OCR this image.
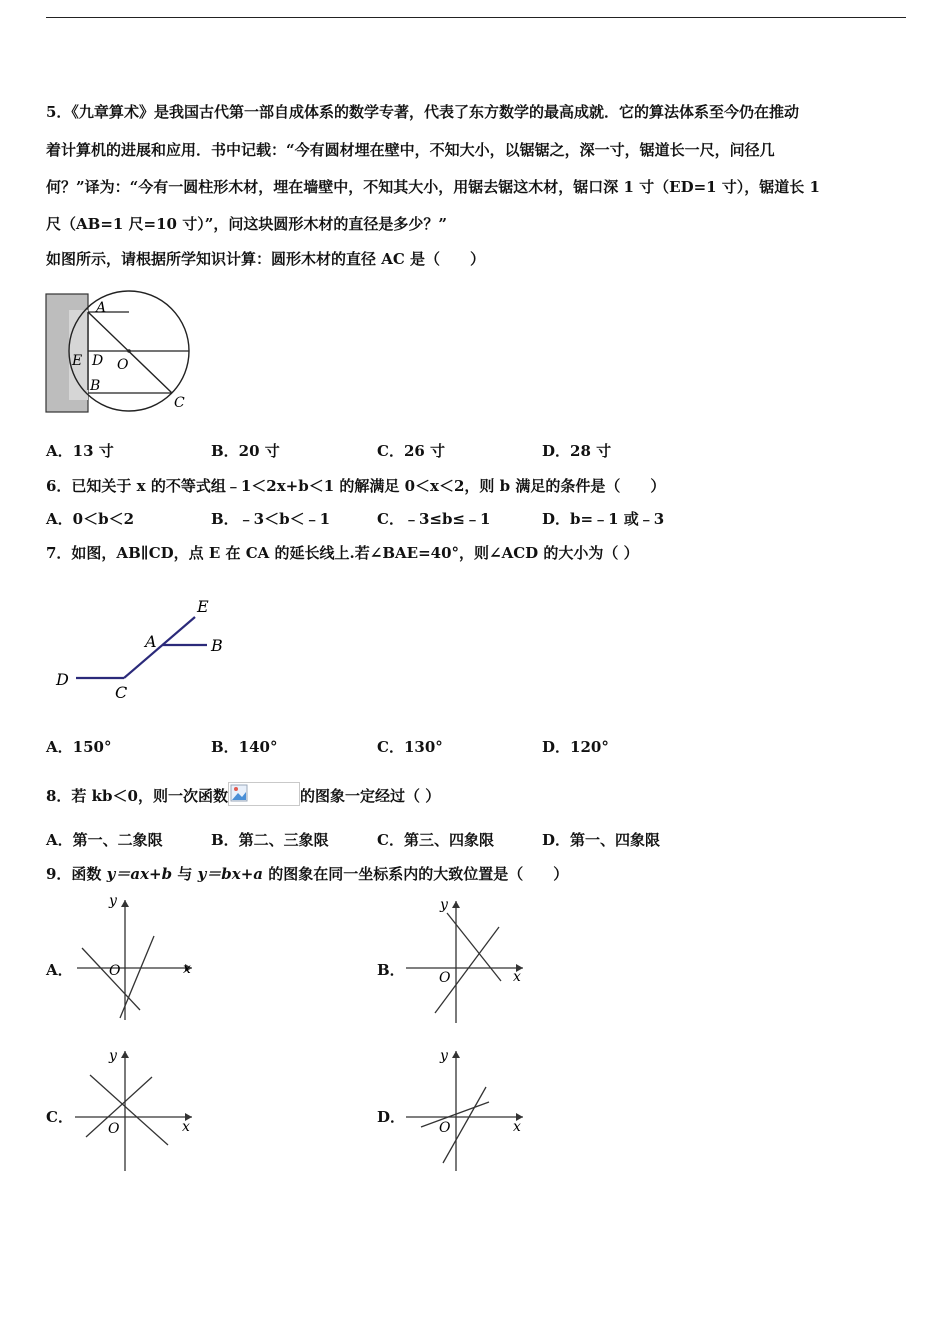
5．《九章算术》是我国古代第一部自成体系的数学专著，代表了东方数学的最高成就．它的算法体系至今仍在推动
着计算机的进展和应用．书中记载：“今有圆材埋在壁中，不知大小，以锯锯之，深一寸，锯道长一尺，问径几
何？”译为：“今有一圆柱形木材，埋在墙壁中，不知其大小，用锯去锯这木材，锯口深 1 寸（ED=1 寸），锯道长 1
尺（AB=1 尺=10 寸）”，问这块圆形木材的直径是多少？”
如图所示，请根据所学知识计算：圆形木材的直径 AC 是（　　）
A
E D O
B
C
A．13 寸	B．20 寸	C．26 寸	D．28 寸
6．已知关于 x 的不等式组﹣1＜2x+b＜1 的解满足 0＜x＜2，则 b 满足的条件是（　　）
A．0＜b＜2	B．﹣3＜b＜﹣1	C．﹣3≤b≤﹣1	D．b=﹣1 或﹣3
7．如图，AB∥CD，点 E 在 CA 的延长线上.若∠BAE=40°，则∠ACD 的大小为（ ）
E
A	B
D
C
A．150°	B．140°	C．130°	D．120°
8．若 kb＜0，则一次函数	的图象一定经过（ ）
A．第一、二象限	B．第二、三象限	C．第三、四象限	D．第一、四象限
9．函数 y＝ax+b 与 y＝bx+a 的图象在同一坐标系内的大致位置是（　　）
A．	B．
C．	D．
x
y
O	x
y
O
x
y
O	x
y
O
